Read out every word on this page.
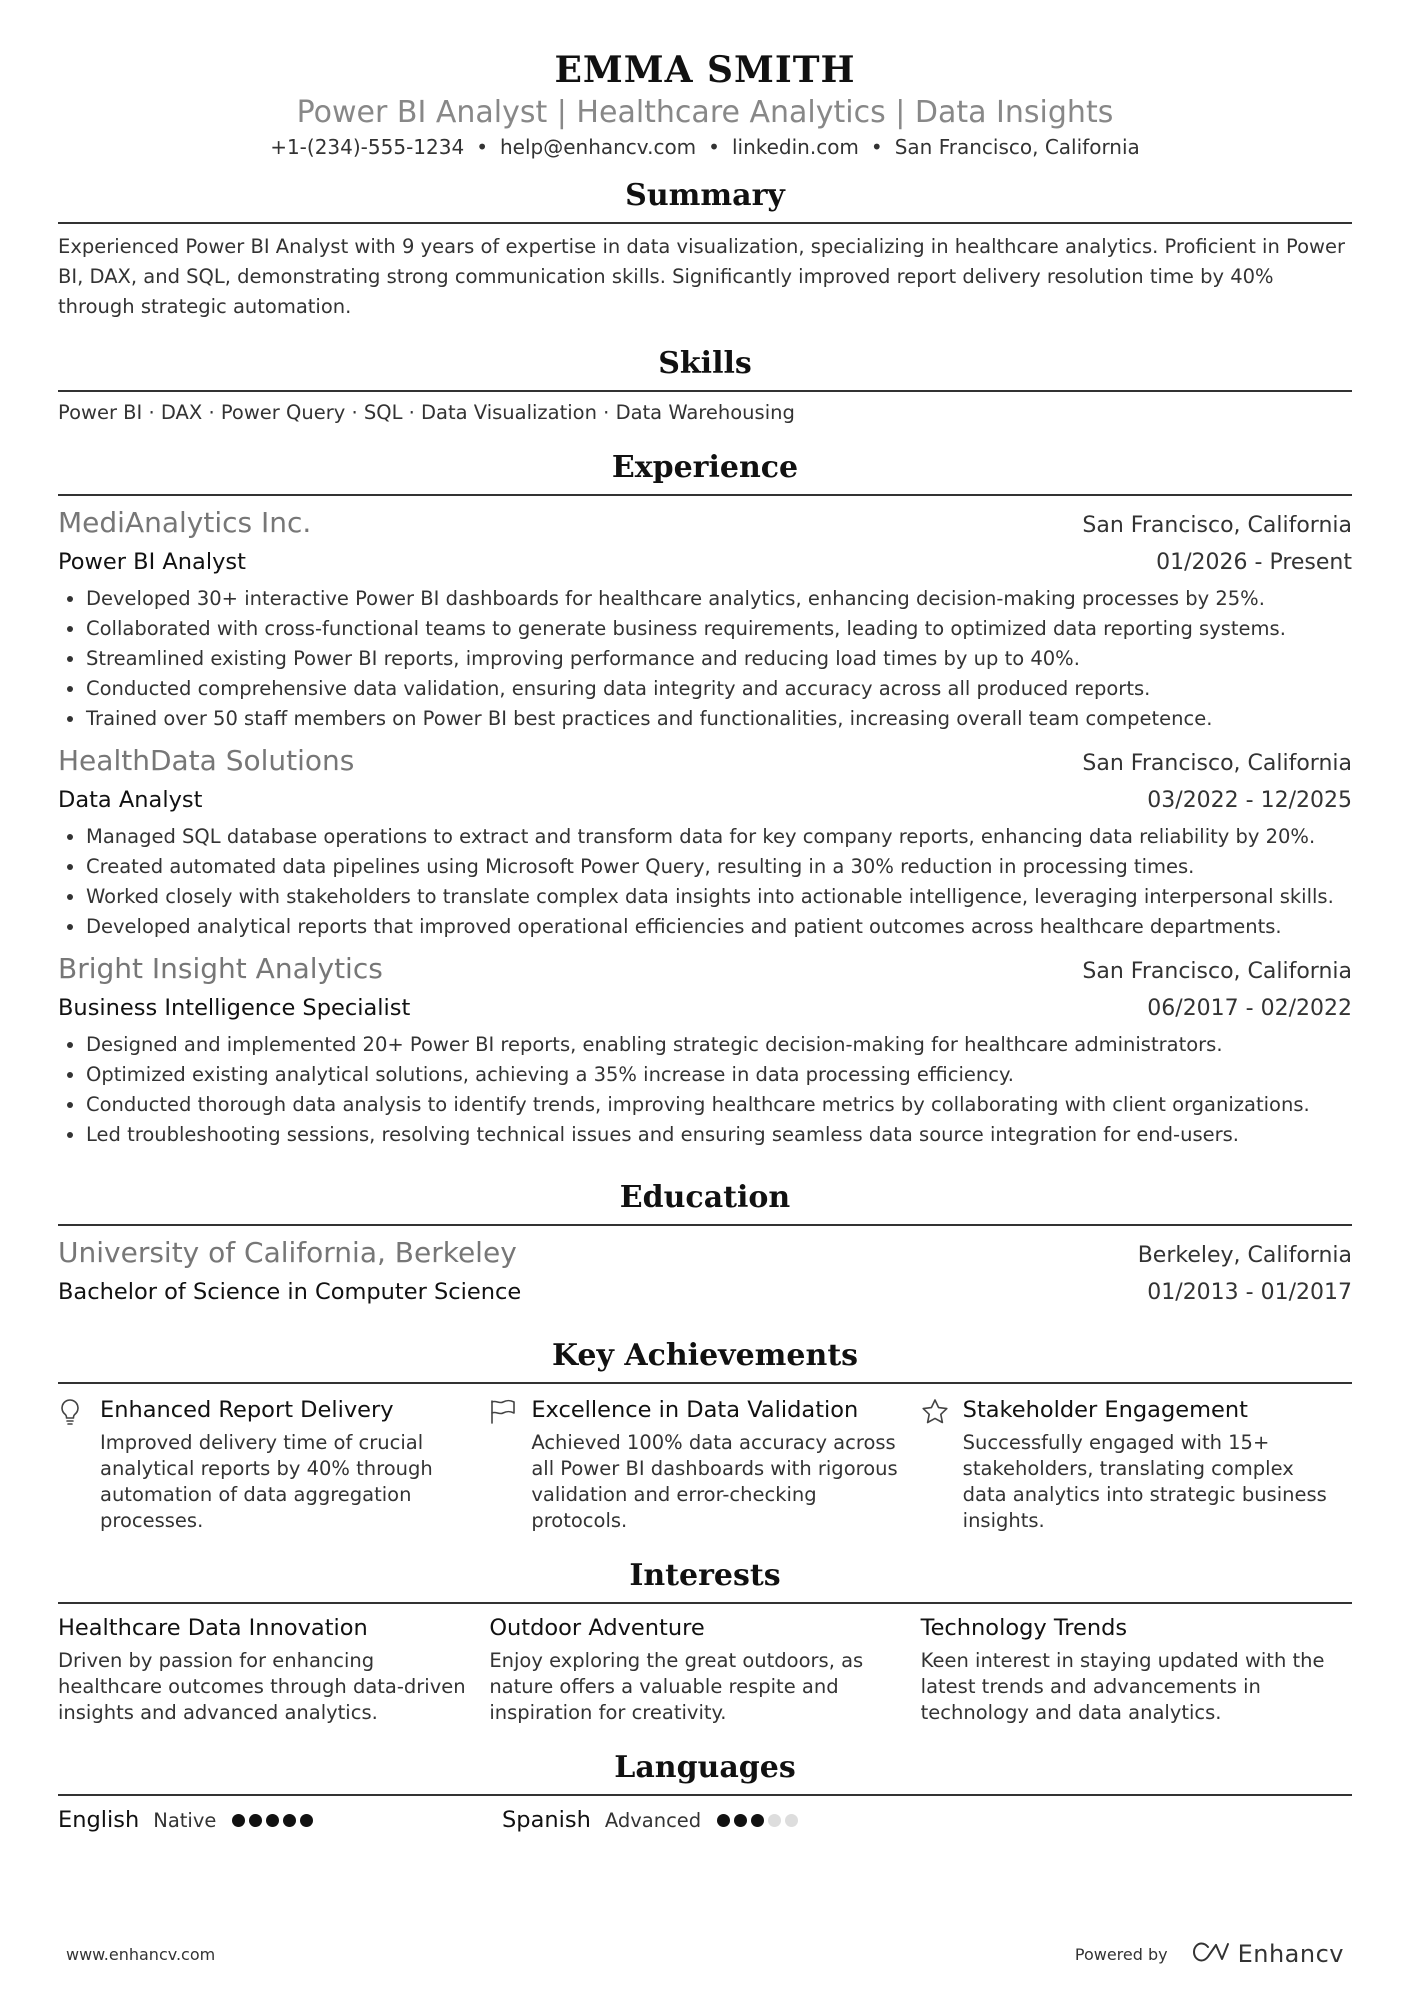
EMMA SMITH
Power BI Analyst | Healthcare Analytics | Data Insights
+1-(234)-555-1234 • help@enhancv.com • linkedin.com • San Francisco, California
Summary
Experienced Power BI Analyst with 9 years of expertise in data visualization, specializing in healthcare analytics. Proficient in Power BI, DAX, and SQL, demonstrating strong communication skills. Significantly improved report delivery resolution time by 40% through strategic automation.
Skills
Power BI · DAX · Power Query · SQL · Data Visualization · Data Warehousing
Experience
MediAnalytics Inc.	San Francisco, California
Power BI Analyst	01/2026 - Present
• Developed 30+ interactive Power BI dashboards for healthcare analytics, enhancing decision-making processes by 25%.
• Collaborated with cross-functional teams to generate business requirements, leading to optimized data reporting systems.
• Streamlined existing Power BI reports, improving performance and reducing load times by up to 40%.
• Conducted comprehensive data validation, ensuring data integrity and accuracy across all produced reports.
• Trained over 50 staff members on Power BI best practices and functionalities, increasing overall team competence.
HealthData Solutions	San Francisco, California
Data Analyst	03/2022 - 12/2025
• Managed SQL database operations to extract and transform data for key company reports, enhancing data reliability by 20%.
• Created automated data pipelines using Microsoft Power Query, resulting in a 30% reduction in processing times.
• Worked closely with stakeholders to translate complex data insights into actionable intelligence, leveraging interpersonal skills.
• Developed analytical reports that improved operational efficiencies and patient outcomes across healthcare departments.
Bright Insight Analytics	San Francisco, California
Business Intelligence Specialist	06/2017 - 02/2022
• Designed and implemented 20+ Power BI reports, enabling strategic decision-making for healthcare administrators.
• Optimized existing analytical solutions, achieving a 35% increase in data processing efficiency.
• Conducted thorough data analysis to identify trends, improving healthcare metrics by collaborating with client organizations.
• Led troubleshooting sessions, resolving technical issues and ensuring seamless data source integration for end-users.
Education
University of California, Berkeley	Berkeley, California
Bachelor of Science in Computer Science	01/2013 - 01/2017
Key Achievements
Enhanced Report Delivery
Improved delivery time of crucial analytical reports by 40% through automation of data aggregation processes.
Excellence in Data Validation
Achieved 100% data accuracy across all Power BI dashboards with rigorous validation and error-checking protocols.
Stakeholder Engagement
Successfully engaged with 15+ stakeholders, translating complex data analytics into strategic business insights.
Interests
Healthcare Data Innovation
Driven by passion for enhancing healthcare outcomes through data-driven insights and advanced analytics.
Outdoor Adventure
Enjoy exploring the great outdoors, as nature offers a valuable respite and inspiration for creativity.
Technology Trends
Keen interest in staying updated with the latest trends and advancements in technology and data analytics.
Languages
English Native	Spanish Advanced
www.enhancv.com	Powered by	Enhancv
